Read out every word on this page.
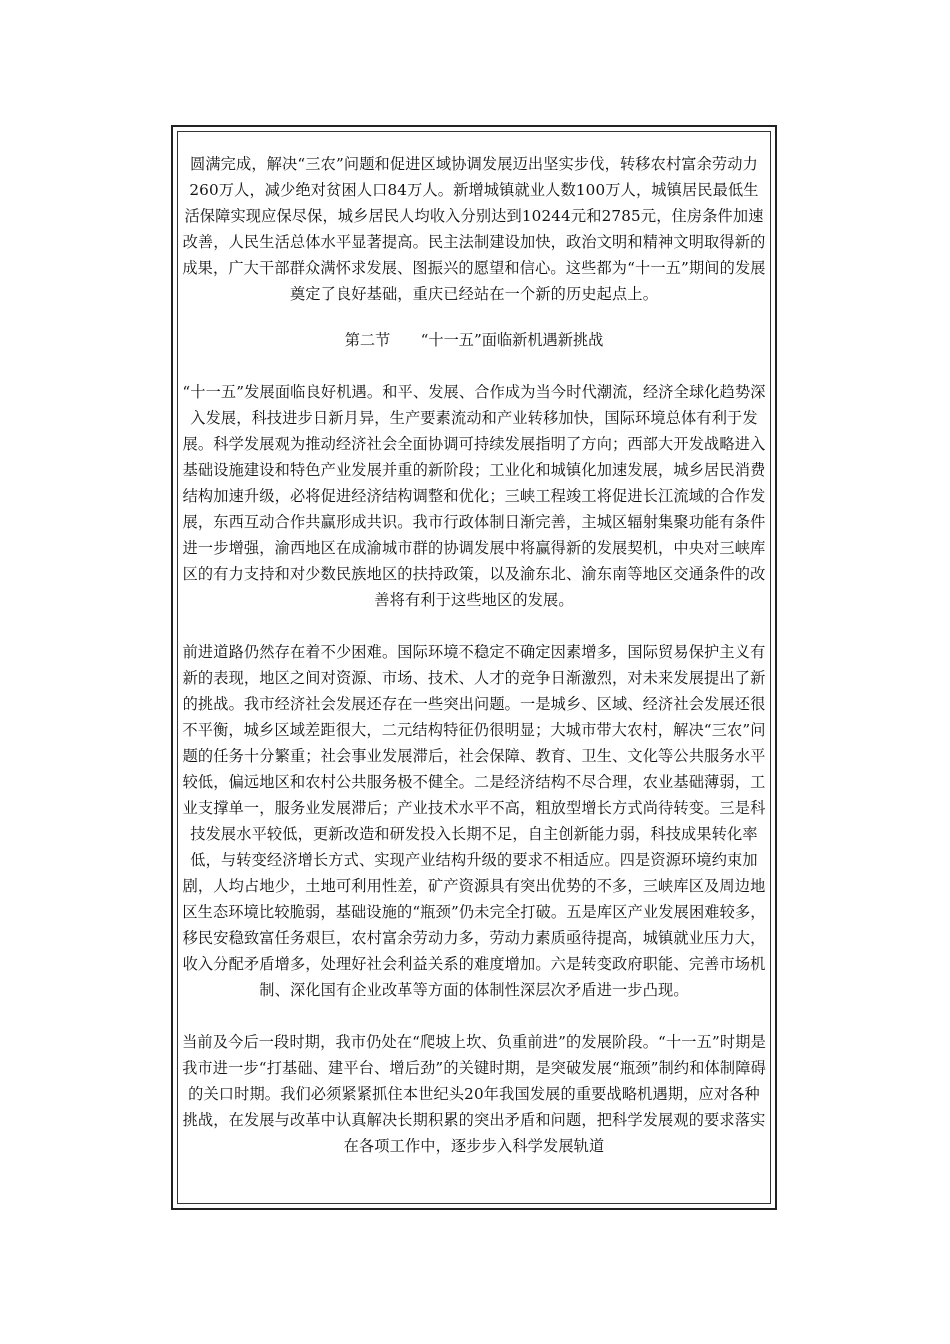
圆满完成，解决“三农”问题和促进区域协调发展迈出坚实步伐，转移农村富余劳动力260万人，减少绝对贫困人口84万人。新增城镇就业人数100万人，城镇居民最低生活保障实现应保尽保，城乡居民人均收入分别达到10244元和2785元，住房条件加速改善，人民生活总体水平显著提高。民主法制建设加快，政治文明和精神文明取得新的成果，广大干部群众满怀求发展、图振兴的愿望和信心。这些都为“十一五”期间的发展奠定了良好基础，重庆已经站在一个新的历史起点上。

第二节　　“十一五”面临新机遇新挑战

“十一五”发展面临良好机遇。和平、发展、合作成为当今时代潮流，经济全球化趋势深入发展，科技进步日新月异，生产要素流动和产业转移加快，国际环境总体有利于发展。科学发展观为推动经济社会全面协调可持续发展指明了方向；西部大开发战略进入基础设施建设和特色产业发展并重的新阶段；工业化和城镇化加速发展，城乡居民消费结构加速升级，必将促进经济结构调整和优化；三峡工程竣工将促进长江流域的合作发展，东西互动合作共赢形成共识。我市行政体制日渐完善，主城区辐射集聚功能有条件进一步增强，渝西地区在成渝城市群的协调发展中将赢得新的发展契机，中央对三峡库区的有力支持和对少数民族地区的扶持政策，以及渝东北、渝东南等地区交通条件的改善将有利于这些地区的发展。

前进道路仍然存在着不少困难。国际环境不稳定不确定因素增多，国际贸易保护主义有新的表现，地区之间对资源、市场、技术、人才的竞争日渐激烈，对未来发展提出了新的挑战。我市经济社会发展还存在一些突出问题。一是城乡、区域、经济社会发展还很不平衡，城乡区域差距很大，二元结构特征仍很明显；大城市带大农村，解决“三农”问题的任务十分繁重；社会事业发展滞后，社会保障、教育、卫生、文化等公共服务水平较低，偏远地区和农村公共服务极不健全。二是经济结构不尽合理，农业基础薄弱，工业支撑单一，服务业发展滞后；产业技术水平不高，粗放型增长方式尚待转变。三是科技发展水平较低，更新改造和研发投入长期不足，自主创新能力弱，科技成果转化率低，与转变经济增长方式、实现产业结构升级的要求不相适应。四是资源环境约束加剧，人均占地少，土地可利用性差，矿产资源具有突出优势的不多，三峡库区及周边地区生态环境比较脆弱，基础设施的“瓶颈”仍未完全打破。五是库区产业发展困难较多，移民安稳致富任务艰巨，农村富余劳动力多，劳动力素质亟待提高，城镇就业压力大，收入分配矛盾增多，处理好社会利益关系的难度增加。六是转变政府职能、完善市场机制、深化国有企业改革等方面的体制性深层次矛盾进一步凸现。

当前及今后一段时期，我市仍处在“爬坡上坎、负重前进”的发展阶段。“十一五”时期是我市进一步“打基础、建平台、增后劲”的关键时期，是突破发展“瓶颈”制约和体制障碍的关口时期。我们必须紧紧抓住本世纪头20年我国发展的重要战略机遇期，应对各种挑战，在发展与改革中认真解决长期积累的突出矛盾和问题，把科学发展观的要求落实在各项工作中，逐步步入科学发展轨道
